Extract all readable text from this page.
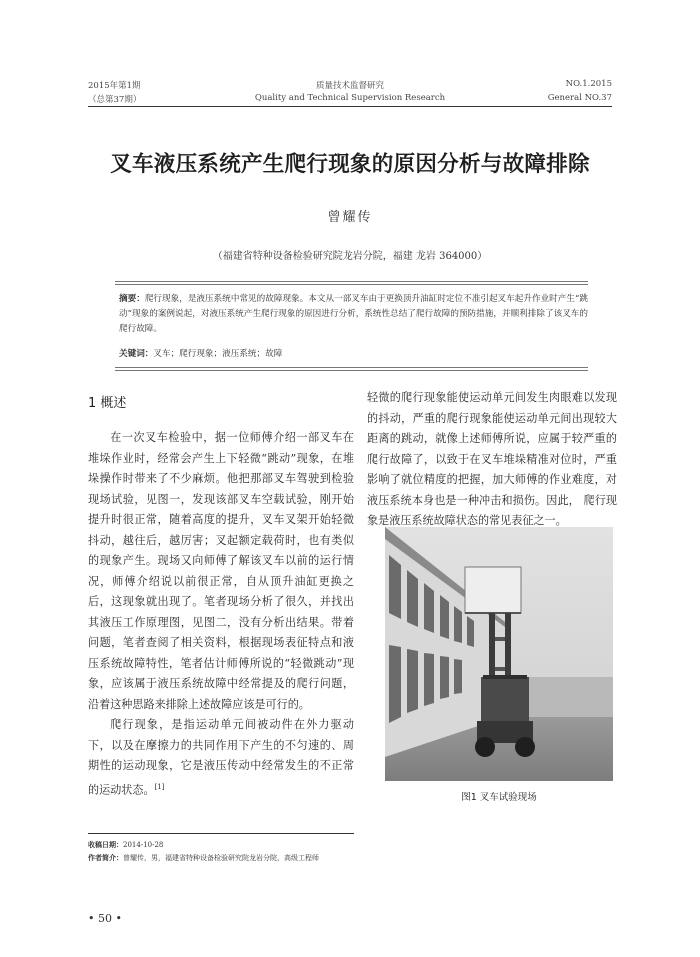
2015年第1期	质量技术监督研究	NO.1.2015
（总第37期）	Quality and Technical Supervision Research	General NO.37
叉车液压系统产生爬行现象的原因分析与故障排除
曾耀传
（福建省特种设备检验研究院龙岩分院，福建 龙岩 364000）
摘要：爬行现象，是液压系统中常见的故障现象。本文从一部叉车由于更换顶升油缸时定位不准引起叉车起升作业时产生“跳动”现象的案例说起，对液压系统产生爬行现象的原因进行分析，系统性总结了爬行故障的预防措施，并顺利排除了该叉车的爬行故障。
关键词：叉车；爬行现象；液压系统；故障
1 概述

在一次叉车检验中，据一位师傅介绍一部叉车在堆垛作业时，经常会产生上下轻微“跳动”现象，在堆垛操作时带来了不少麻烦。他把那部叉车驾驶到检验现场试验，见图一，发现该部叉车空载试验，刚开始提升时很正常，随着高度的提升，叉车叉架开始轻微抖动，越往后，越厉害；叉起额定载荷时，也有类似的现象产生。现场又向师傅了解该叉车以前的运行情况，师傅介绍说以前很正常，自从顶升油缸更换之后，这现象就出现了。笔者现场分析了很久，并找出其液压工作原理图，见图二，没有分析出结果。带着问题，笔者查阅了相关资料，根据现场表征特点和液压系统故障特性，笔者估计师傅所说的“轻微跳动”现象，应该属于液压系统故障中经常提及的爬行问题，沿着这种思路来排除上述故障应该是可行的。

爬行现象，是指运动单元间被动件在外力驱动下，以及在摩擦力的共同作用下产生的不匀速的、周期性的运动现象，它是液压传动中经常发生的不正常的运动状态。[1]

轻微的爬行现象能使运动单元间发生肉眼难以发现的抖动，严重的爬行现象能使运动单元间出现较大距离的跳动，就像上述师傅所说，应属于较严重的爬行故障了，以致于在叉车堆垛精准对位时，严重影响了就位精度的把握，加大师傅的作业难度，对液压系统本身也是一种冲击和损伤。因此， 爬行现象是液压系统故障状态的常见表征之一。

图1 叉车试验现场
收稿日期：2014-10-28
作者简介：曾耀传，男，福建省特种设备检验研究院龙岩分院，高级工程师
• 50 •
